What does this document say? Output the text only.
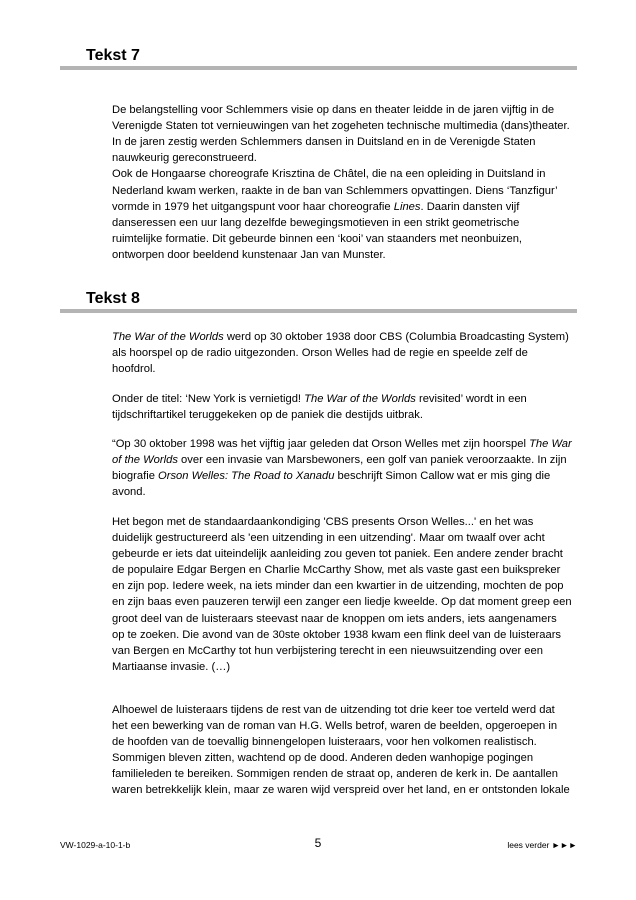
Tekst 7

De belangstelling voor Schlemmers visie op dans en theater leidde in de jaren vijftig in de Verenigde Staten tot vernieuwingen van het zogeheten technische multimedia (dans)theater. In de jaren zestig werden Schlemmers dansen in Duitsland en in de Verenigde Staten nauwkeurig gereconstrueerd.
Ook de Hongaarse choreografe Krisztina de Châtel, die na een opleiding in Duitsland in Nederland kwam werken, raakte in de ban van Schlemmers opvattingen. Diens ‘Tanzfigur’ vormde in 1979 het uitgangspunt voor haar choreografie Lines. Daarin dansten vijf danseressen een uur lang dezelfde bewegingsmotieven in een strikt geometrische ruimtelijke formatie. Dit gebeurde binnen een ‘kooi’ van staanders met neonbuizen, ontworpen door beeldend kunstenaar Jan van Munster.

Tekst 8

The War of the Worlds werd op 30 oktober 1938 door CBS (Columbia Broadcasting System) als hoorspel op de radio uitgezonden. Orson Welles had de regie en speelde zelf de hoofdrol.

Onder de titel: ‘New York is vernietigd! The War of the Worlds revisited’ wordt in een tijdschriftartikel teruggekeken op de paniek die destijds uitbrak.

“Op 30 oktober 1998 was het vijftig jaar geleden dat Orson Welles met zijn hoorspel The War of the Worlds over een invasie van Marsbewoners, een golf van paniek veroorzaakte. In zijn biografie Orson Welles: The Road to Xanadu beschrijft Simon Callow wat er mis ging die avond.

Het begon met de standaardaankondiging 'CBS presents Orson Welles...' en het was duidelijk gestructureerd als 'een uitzending in een uitzending'. Maar om twaalf over acht gebeurde er iets dat uiteindelijk aanleiding zou geven tot paniek. Een andere zender bracht de populaire Edgar Bergen en Charlie McCarthy Show, met als vaste gast een buikspreker en zijn pop. Iedere week, na iets minder dan een kwartier in de uitzending, mochten de pop en zijn baas even pauzeren terwijl een zanger een liedje kweelde. Op dat moment greep een groot deel van de luisteraars steevast naar de knoppen om iets anders, iets aangenamers op te zoeken. Die avond van de 30ste oktober 1938 kwam een flink deel van de luisteraars van Bergen en McCarthy tot hun verbijstering terecht in een nieuwsuitzending over een Martiaanse invasie. (…)

Alhoewel de luisteraars tijdens de rest van de uitzending tot drie keer toe verteld werd dat het een bewerking van de roman van H.G. Wells betrof, waren de beelden, opgeroepen in de hoofden van de toevallig binnengelopen luisteraars, voor hen volkomen realistisch. Sommigen bleven zitten, wachtend op de dood. Anderen deden wanhopige pogingen familieleden te bereiken. Sommigen renden de straat op, anderen de kerk in. De aantallen waren betrekkelijk klein, maar ze waren wijd verspreid over het land, en er ontstonden lokale

VW-1029-a-10-1-b	5	lees verder ►►►
